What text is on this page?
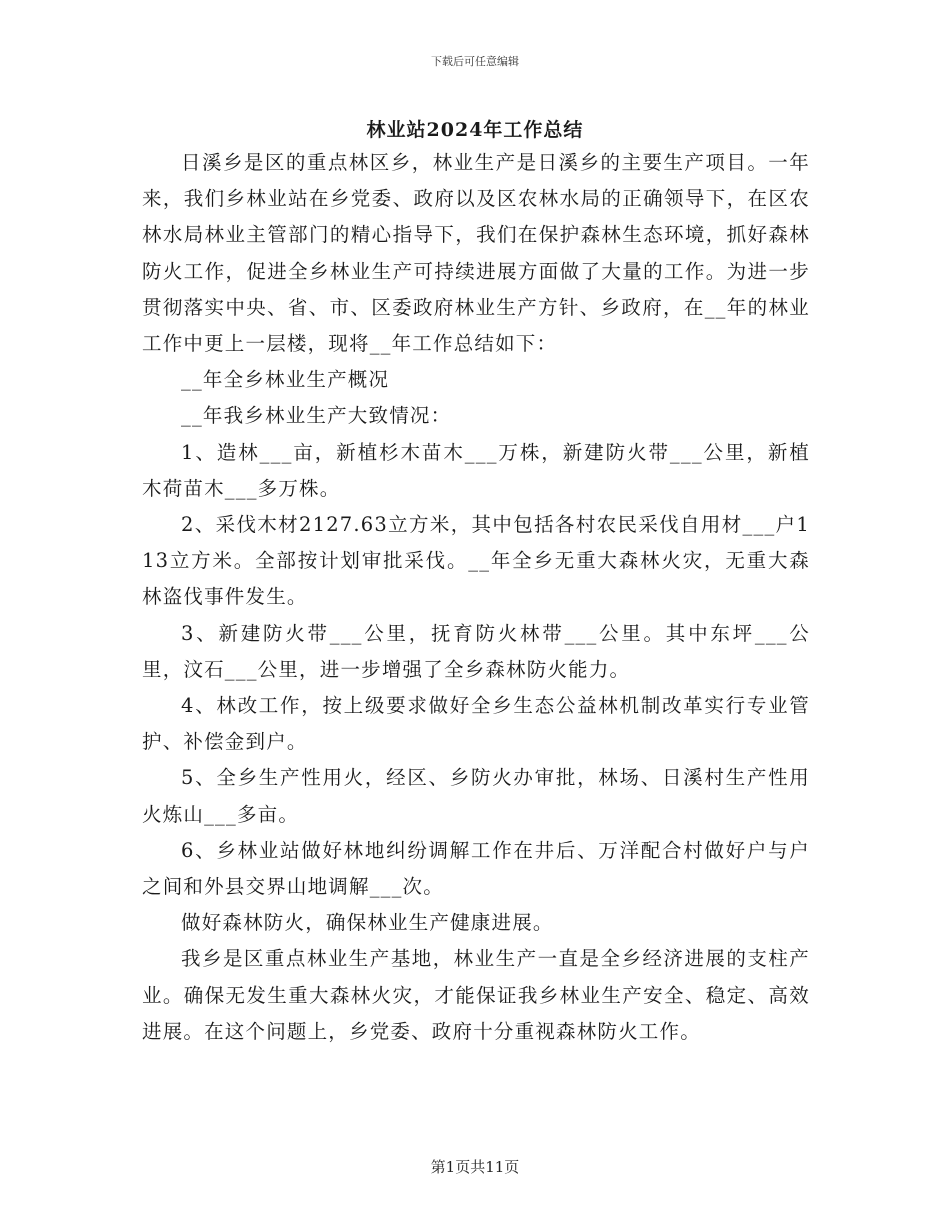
下载后可任意编辑
林业站2024年工作总结

日溪乡是区的重点林区乡，林业生产是日溪乡的主要生产项目。一年来，我们乡林业站在乡党委、政府以及区农林水局的正确领导下，在区农林水局林业主管部门的精心指导下，我们在保护森林生态环境，抓好森林防火工作，促进全乡林业生产可持续进展方面做了大量的工作。为进一步贯彻落实中央、省、市、区委政府林业生产方针、乡政府，在__年的林业工作中更上一层楼，现将__年工作总结如下：

__年全乡林业生产概况

__年我乡林业生产大致情况：

1、造林___亩，新植杉木苗木___万株，新建防火带___公里，新植木荷苗木___多万株。

2、采伐木材2127.63立方米，其中包括各村农民采伐自用材___户113立方米。全部按计划审批采伐。__年全乡无重大森林火灾，无重大森林盗伐事件发生。

3、新建防火带___公里，抚育防火林带___公里。其中东坪___公里，汶石___公里，进一步增强了全乡森林防火能力。

4、林改工作，按上级要求做好全乡生态公益林机制改革实行专业管护、补偿金到户。

5、全乡生产性用火，经区、乡防火办审批，林场、日溪村生产性用火炼山___多亩。

6、乡林业站做好林地纠纷调解工作在井后、万洋配合村做好户与户之间和外县交界山地调解___次。

做好森林防火，确保林业生产健康进展。

我乡是区重点林业生产基地，林业生产一直是全乡经济进展的支柱产业。确保无发生重大森林火灾，才能保证我乡林业生产安全、稳定、高效进展。在这个问题上，乡党委、政府十分重视森林防火工作。

第1页共11页
